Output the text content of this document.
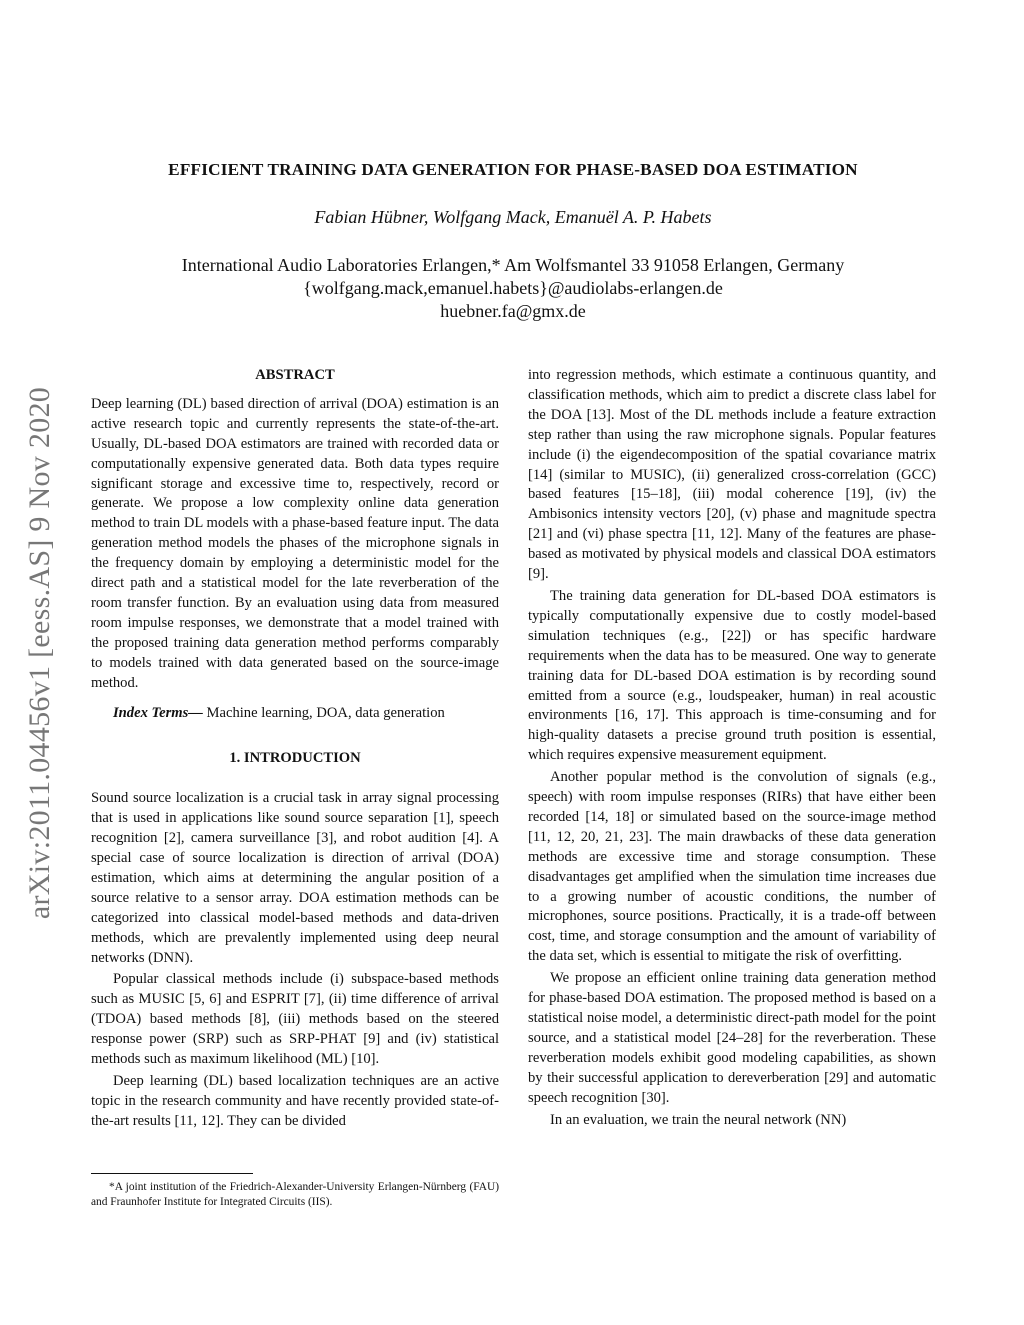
arXiv:2011.04456v1 [eess.AS] 9 Nov 2020
EFFICIENT TRAINING DATA GENERATION FOR PHASE-BASED DOA ESTIMATION
Fabian Hübner, Wolfgang Mack, Emanuël A. P. Habets
International Audio Laboratories Erlangen,* Am Wolfsmantel 33 91058 Erlangen, Germany
{wolfgang.mack,emanuel.habets}@audiolabs-erlangen.de
huebner.fa@gmx.de
ABSTRACT

Deep learning (DL) based direction of arrival (DOA) estimation is an active research topic and currently represents the state-of-the-art. Usually, DL-based DOA estimators are trained with recorded data or computationally expensive generated data. Both data types require significant storage and excessive time to, respectively, record or generate. We propose a low complexity online data generation method to train DL models with a phase-based feature input. The data generation method models the phases of the microphone signals in the frequency domain by employing a deterministic model for the direct path and a statistical model for the late reverberation of the room transfer function. By an evaluation using data from measured room impulse responses, we demonstrate that a model trained with the proposed training data generation method performs comparably to models trained with data generated based on the source-image method.

Index Terms— Machine learning, DOA, data generation

1. INTRODUCTION

Sound source localization is a crucial task in array signal processing that is used in applications like sound source separation [1], speech recognition [2], camera surveillance [3], and robot audition [4]. A special case of source localization is direction of arrival (DOA) estimation, which aims at determining the angular position of a source relative to a sensor array. DOA estimation methods can be categorized into classical model-based methods and data-driven methods, which are prevalently implemented using deep neural networks (DNN).

Popular classical methods include (i) subspace-based methods such as MUSIC [5, 6] and ESPRIT [7], (ii) time difference of arrival (TDOA) based methods [8], (iii) methods based on the steered response power (SRP) such as SRP-PHAT [9] and (iv) statistical methods such as maximum likelihood (ML) [10].

Deep learning (DL) based localization techniques are an active topic in the research community and have recently provided state-of-the-art results [11, 12]. They can be divided

*A joint institution of the Friedrich-Alexander-University Erlangen-Nürnberg (FAU) and Fraunhofer Institute for Integrated Circuits (IIS).

into regression methods, which estimate a continuous quantity, and classification methods, which aim to predict a discrete class label for the DOA [13]. Most of the DL methods include a feature extraction step rather than using the raw microphone signals. Popular features include (i) the eigendecomposition of the spatial covariance matrix [14] (similar to MUSIC), (ii) generalized cross-correlation (GCC) based features [15–18], (iii) modal coherence [19], (iv) the Ambisonics intensity vectors [20], (v) phase and magnitude spectra [21] and (vi) phase spectra [11, 12]. Many of the features are phase-based as motivated by physical models and classical DOA estimators [9].

The training data generation for DL-based DOA estimators is typically computationally expensive due to costly model-based simulation techniques (e.g., [22]) or has specific hardware requirements when the data has to be measured. One way to generate training data for DL-based DOA estimation is by recording sound emitted from a source (e.g., loudspeaker, human) in real acoustic environments [16, 17]. This approach is time-consuming and for high-quality datasets a precise ground truth position is essential, which requires expensive measurement equipment.

Another popular method is the convolution of signals (e.g., speech) with room impulse responses (RIRs) that have either been recorded [14, 18] or simulated based on the source-image method [11, 12, 20, 21, 23]. The main drawbacks of these data generation methods are excessive time and storage consumption. These disadvantages get amplified when the simulation time increases due to a growing number of acoustic conditions, the number of microphones, source positions. Practically, it is a trade-off between cost, time, and storage consumption and the amount of variability of the data set, which is essential to mitigate the risk of overfitting.

We propose an efficient online training data generation method for phase-based DOA estimation. The proposed method is based on a statistical noise model, a deterministic direct-path model for the point source, and a statistical model [24–28] for the reverberation. These reverberation models exhibit good modeling capabilities, as shown by their successful application to dereverberation [29] and automatic speech recognition [30].

In an evaluation, we train the neural network (NN)
